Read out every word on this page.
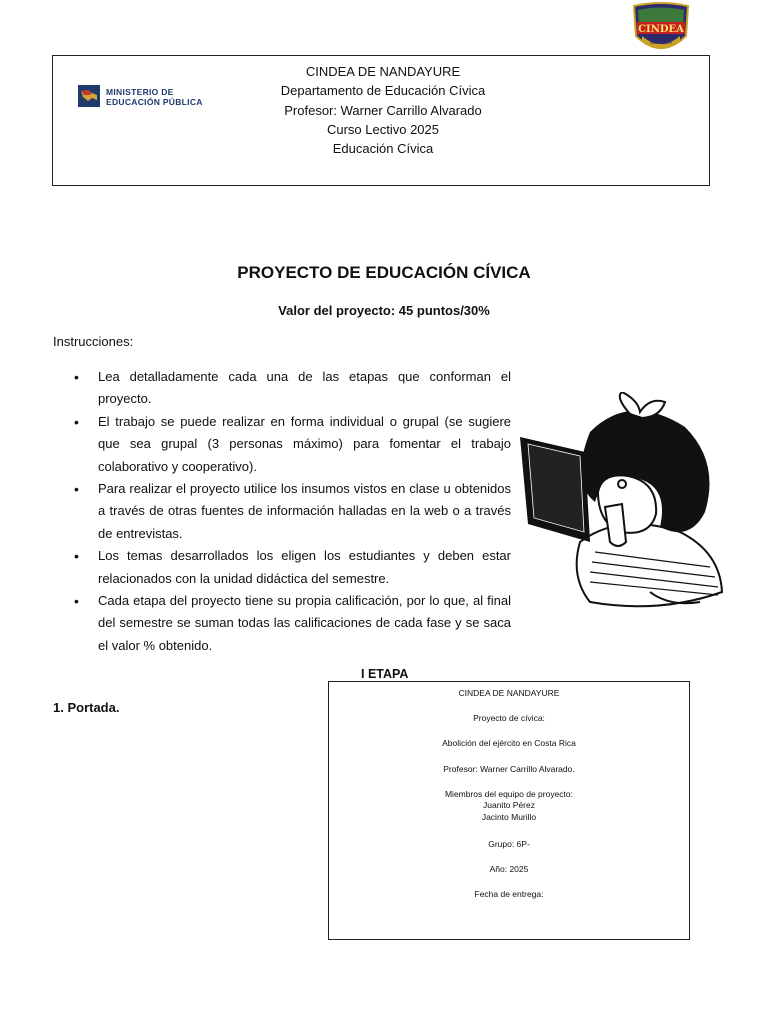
CINDEA
Nandayure
MINISTERIO DE
EDUCACIÓN PÚBLICA
CINDEA DE NANDAYURE
Departamento de Educación Cívica
Profesor: Warner Carrillo Alvarado
Curso Lectivo 2025
Educación Cívica
PROYECTO DE EDUCACIÓN CÍVICA
Valor del proyecto: 45 puntos/30%
Instrucciones:
• Lea detalladamente cada una de las etapas que conforman el proyecto.
• El trabajo se puede realizar en forma individual o grupal (se sugiere que sea grupal (3 personas máximo) para fomentar el trabajo colaborativo y cooperativo).
• Para realizar el proyecto utilice los insumos vistos en clase u obtenidos a través de otras fuentes de información halladas en la web o a través de entrevistas.
• Los temas desarrollados los eligen los estudiantes y deben estar relacionados con la unidad didáctica del semestre.
• Cada etapa del proyecto tiene su propia calificación, por lo que, al final del semestre se suman todas las calificaciones de cada fase y se saca el valor % obtenido.
I ETAPA
1. Portada.
CINDEA DE NANDAYURE
Proyecto de cívica:
Abolición del ejército en Costa Rica
Profesor: Warner Carrillo Alvarado.
Miembros del equipo de proyecto:
Juanito Pérez
Jacinto Murillo
Grupo: 6P-
Año: 2025
Fecha de entrega:
